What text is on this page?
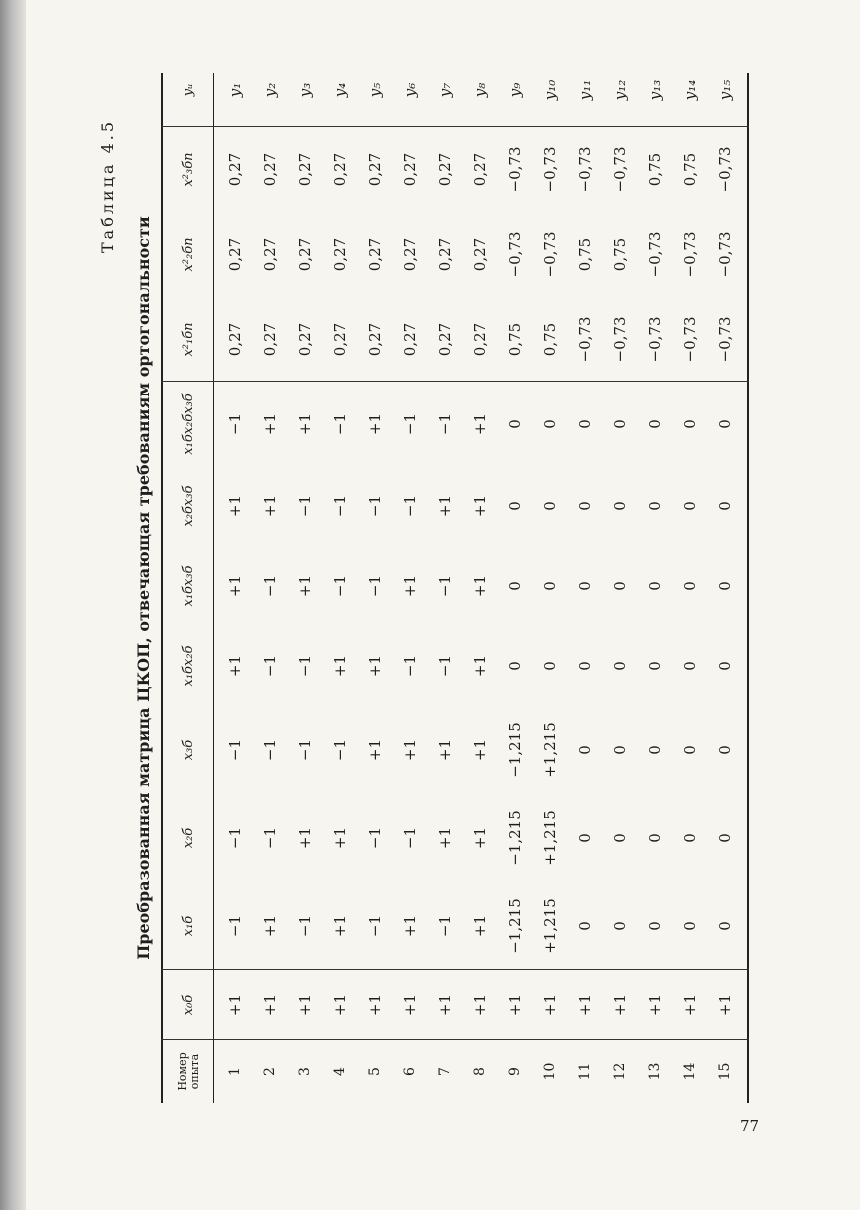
Таблица 4.5
Преобразованная матрица ЦКОП, отвечающая требованиям ортогональности
Номер опыта
x₀б
x₁б
x₂б
x₃б
x₁бx₂б
x₁бx₃б
x₂бx₃б
x₁бx₂бx₃б
x²₁бп
x²₂бп
x²₃бп
yᵤ
1
+1
−1
−1
−1
+1
+1
+1
−1
0,27
0,27
0,27
y₁
2
+1
+1
−1
−1
−1
−1
+1
+1
0,27
0,27
0,27
y₂
3
+1
−1
+1
−1
−1
+1
−1
+1
0,27
0,27
0,27
y₃
4
+1
+1
+1
−1
+1
−1
−1
−1
0,27
0,27
0,27
y₄
5
+1
−1
−1
+1
+1
−1
−1
+1
0,27
0,27
0,27
y₅
6
+1
+1
−1
+1
−1
+1
−1
−1
0,27
0,27
0,27
y₆
7
+1
−1
+1
+1
−1
−1
+1
−1
0,27
0,27
0,27
y₇
8
+1
+1
+1
+1
+1
+1
+1
+1
0,27
0,27
0,27
y₈
9
+1
−1,215
−1,215
−1,215
0
0
0
0
0,75
−0,73
−0,73
y₉
10
+1
+1,215
+1,215
+1,215
0
0
0
0
0,75
−0,73
−0,73
y₁₀
11
+1
0
0
0
0
0
0
0
−0,73
0,75
−0,73
y₁₁
12
+1
0
0
0
0
0
0
0
−0,73
0,75
−0,73
y₁₂
13
+1
0
0
0
0
0
0
0
−0,73
−0,73
0,75
y₁₃
14
+1
0
0
0
0
0
0
0
−0,73
−0,73
0,75
y₁₄
15
+1
0
0
0
0
0
0
0
−0,73
−0,73
−0,73
y₁₅
77
